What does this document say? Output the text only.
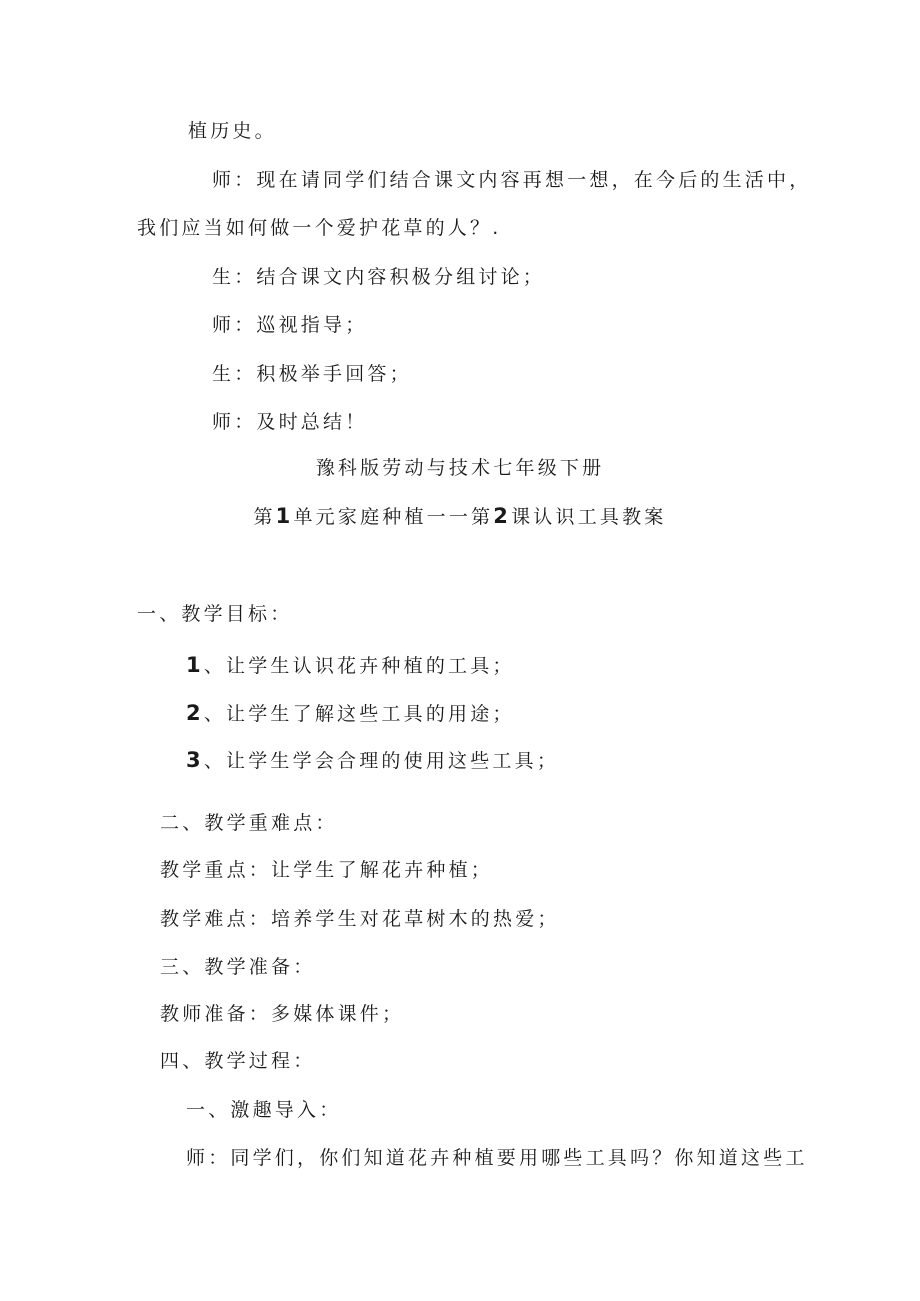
植历史。
师：现在请同学们结合课文内容再想一想，在今后的生活中，
我们应当如何做一个爱护花草的人？.
生：结合课文内容积极分组讨论；
师：巡视指导；
生：积极举手回答；
师：及时总结！
豫科版劳动与技术七年级下册
第1单元家庭种植一一第2课认识工具教案
一、教学目标：
1、让学生认识花卉种植的工具；
2、让学生了解这些工具的用途；
3、让学生学会合理的使用这些工具；
二、教学重难点：
教学重点：让学生了解花卉种植；
教学难点：培养学生对花草树木的热爱；
三、教学准备：
教师准备：多媒体课件；
四、教学过程：
一、激趣导入：
师：同学们，你们知道花卉种植要用哪些工具吗？你知道这些工
